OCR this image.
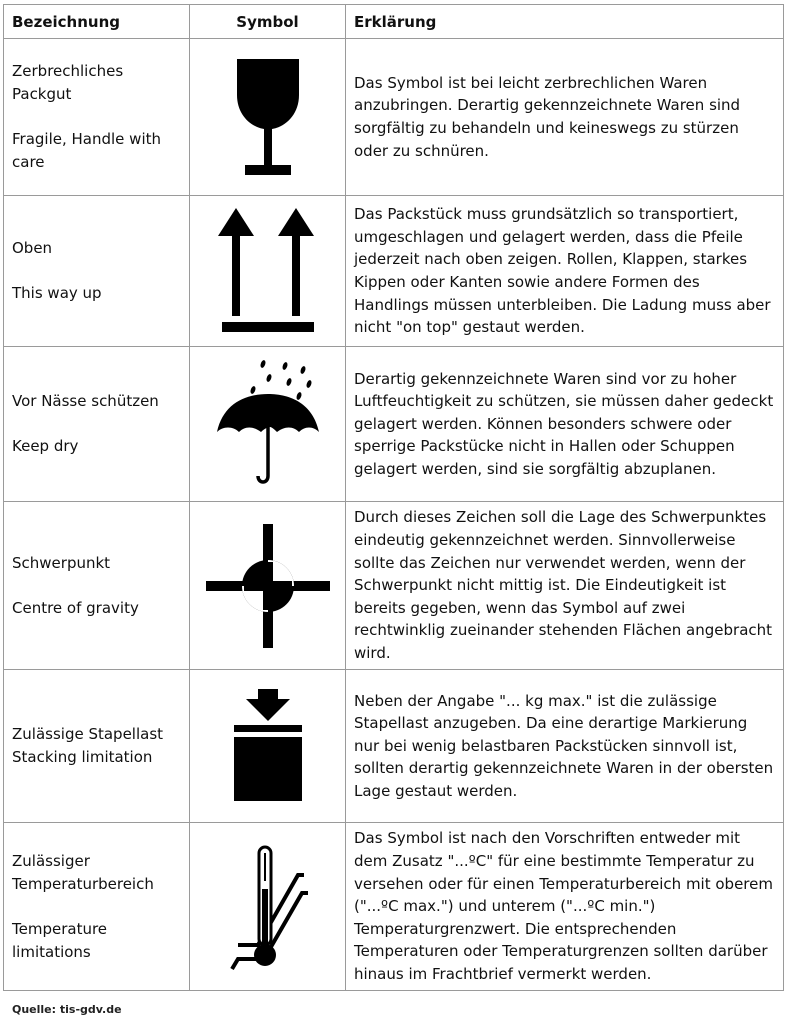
Bezeichnung	Symbol	Erklärung

Zerbrechliches Packgut
Fragile, Handle with care		Das Symbol ist bei leicht zerbrechlichen Waren anzubringen. Derartig gekennzeichnete Waren sind sorgfältig zu behandeln und keineswegs zu stürzen oder zu schnüren.

Oben
This way up		Das Packstück muss grundsätzlich so transportiert, umgeschlagen und gelagert werden, dass die Pfeile jederzeit nach oben zeigen. Rollen, Klappen, starkes Kippen oder Kanten sowie andere Formen des Handlings müssen unterbleiben. Die Ladung muss aber nicht "on top" gestaut werden.

Vor Nässe schützen
Keep dry		Derartig gekennzeichnete Waren sind vor zu hoher Luftfeuchtigkeit zu schützen, sie müssen daher gedeckt gelagert werden. Können besonders schwere oder sperrige Packstücke nicht in Hallen oder Schuppen gelagert werden, sind sie sorgfältig abzuplanen.

Schwerpunkt
Centre of gravity		Durch dieses Zeichen soll die Lage des Schwerpunktes eindeutig gekennzeichnet werden. Sinnvollerweise sollte das Zeichen nur verwendet werden, wenn der Schwerpunkt nicht mittig ist. Die Eindeutigkeit ist bereits gegeben, wenn das Symbol auf zwei rechtwinklig zueinander stehenden Flächen angebracht wird.

Zulässige Stapellast
Stacking limitation		Neben der Angabe "... kg max." ist die zulässige Stapellast anzugeben. Da eine derartige Markierung nur bei wenig belastbaren Packstücken sinnvoll ist, sollten derartig gekennzeichnete Waren in der obersten Lage gestaut werden.

Zulässiger Temperaturbereich
Temperature limitations		Das Symbol ist nach den Vorschriften entweder mit dem Zusatz "...ºC" für eine bestimmte Temperatur zu versehen oder für einen Temperaturbereich mit oberem ("...ºC max.") und unterem ("...ºC min.") Temperaturgrenzwert. Die entsprechenden Temperaturen oder Temperaturgrenzen sollten darüber hinaus im Frachtbrief vermerkt werden.
Quelle: tis-gdv.de
